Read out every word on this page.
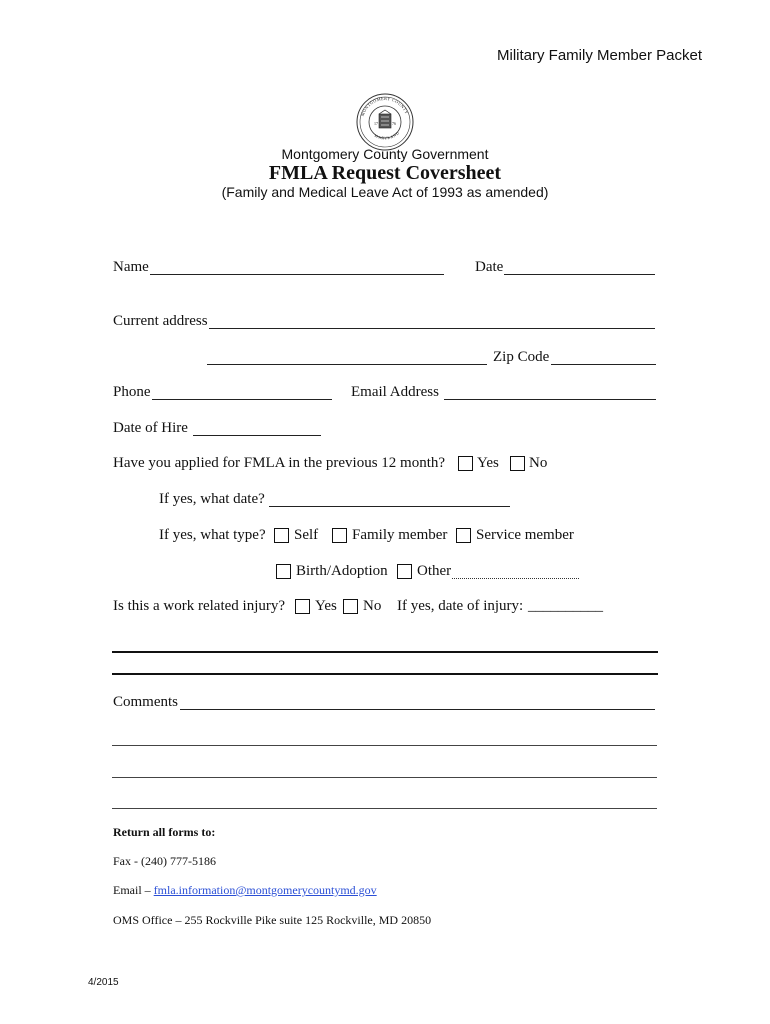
Military Family Member Packet
17	76
MONTGOMERY COUNTY
MARYLAND
Montgomery County Government
FMLA Request Coversheet
(Family and Medical Leave Act of 1993 as amended)
Name	Date
Current address
Zip Code
Phone	Email Address
Date of Hire
Have you applied for FMLA in the previous 12 month? Yes No
If yes, what date?
If yes, what type? Self Family member Service member
Birth/Adoption Other
Is this a work related injury? Yes No If yes, date of injury: __________
Comments
Return all forms to:
Fax - (240) 777-5186
Email – fmla.information@montgomerycountymd.gov
OMS Office – 255 Rockville Pike suite 125 Rockville, MD 20850
4/2015
